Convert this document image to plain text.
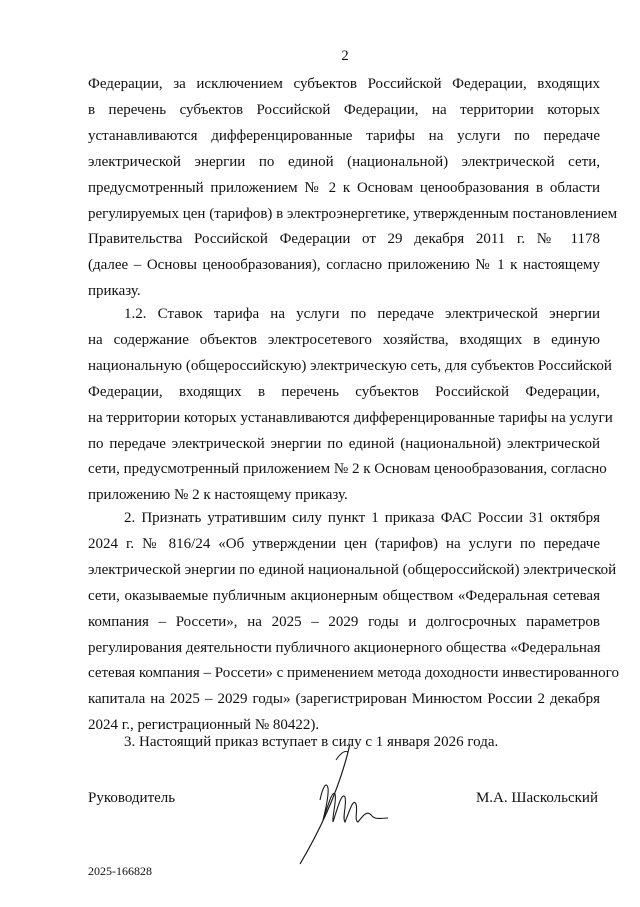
2
Федерации, за исключением субъектов Российской Федерации, входящих
в перечень субъектов Российской Федерации, на территории которых
устанавливаются дифференцированные тарифы на услуги по передаче
электрической энергии по единой (национальной) электрической сети,
предусмотренный приложением № 2 к Основам ценообразования в области
регулируемых цен (тарифов) в электроэнергетике, утвержденным постановлением
Правительства Российской Федерации от 29 декабря 2011 г. № 1178
(далее – Основы ценообразования), согласно приложению № 1 к настоящему
приказу.
1.2. Ставок тарифа на услуги по передаче электрической энергии
на содержание объектов электросетевого хозяйства, входящих в единую
национальную (общероссийскую) электрическую сеть, для субъектов Российской
Федерации, входящих в перечень субъектов Российской Федерации,
на территории которых устанавливаются дифференцированные тарифы на услуги
по передаче электрической энергии по единой (национальной) электрической
сети, предусмотренный приложением № 2 к Основам ценообразования, согласно
приложению № 2 к настоящему приказу.
2. Признать утратившим силу пункт 1 приказа ФАС России 31 октября
2024 г. № 816/24 «Об утверждении цен (тарифов) на услуги по передаче
электрической энергии по единой национальной (общероссийской) электрической
сети, оказываемые публичным акционерным обществом «Федеральная сетевая
компания – Россети», на 2025 – 2029 годы и долгосрочных параметров
регулирования деятельности публичного акционерного общества «Федеральная
сетевая компания – Россети» с применением метода доходности инвестированного
капитала на 2025 – 2029 годы» (зарегистрирован Минюстом России 2 декабря
2024 г., регистрационный № 80422).
3. Настоящий приказ вступает в силу с 1 января 2026 года.
Руководитель	М.А. Шаскольский
2025-166828
